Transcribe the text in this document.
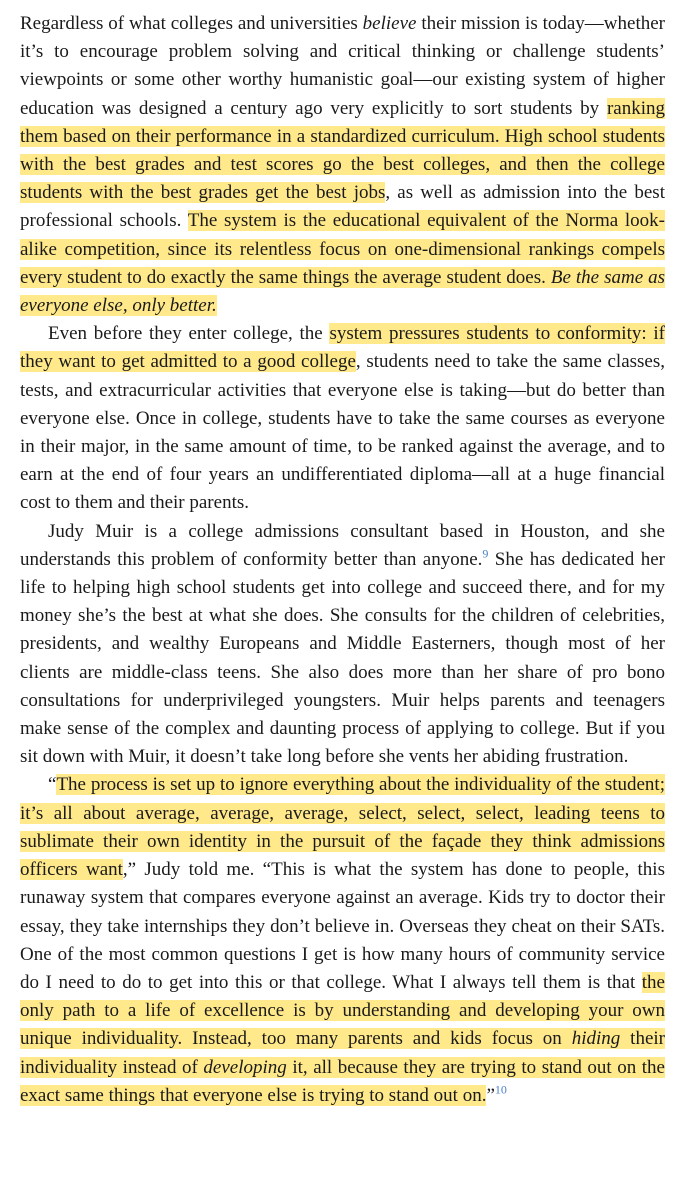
Regardless of what colleges and universities believe their mission is today—whether it’s to encourage problem solving and critical thinking or challenge students’ viewpoints or some other worthy humanistic goal—our existing system of higher education was designed a century ago very explicitly to sort students by ranking them based on their performance in a standardized curriculum. High school students with the best grades and test scores go the best colleges, and then the college students with the best grades get the best jobs, as well as admission into the best professional schools. The system is the educational equivalent of the Norma look-alike competition, since its relentless focus on one-dimensional rankings compels every student to do exactly the same things the average student does. Be the same as everyone else, only better.

Even before they enter college, the system pressures students to conformity: if they want to get admitted to a good college, students need to take the same classes, tests, and extracurricular activities that everyone else is taking—but do better than everyone else. Once in college, students have to take the same courses as everyone in their major, in the same amount of time, to be ranked against the average, and to earn at the end of four years an undifferentiated diploma—all at a huge financial cost to them and their parents.

Judy Muir is a college admissions consultant based in Houston, and she understands this problem of conformity better than anyone.$^9$ She has dedicated her life to helping high school students get into college and succeed there, and for my money she’s the best at what she does. She consults for the children of celebrities, presidents, and wealthy Europeans and Middle Easterners, though most of her clients are middle-class teens. She also does more than her share of pro bono consultations for underprivileged youngsters. Muir helps parents and teenagers make sense of the complex and daunting process of applying to college. But if you sit down with Muir, it doesn’t take long before she vents her abiding frustration.

“The process is set up to ignore everything about the individuality of the student; it’s all about average, average, average, select, select, select, leading teens to sublimate their own identity in the pursuit of the façade they think admissions officers want,” Judy told me. “This is what the system has done to people, this runaway system that compares everyone against an average. Kids try to doctor their essay, they take internships they don’t believe in. Overseas they cheat on their SATs. One of the most common questions I get is how many hours of community service do I need to do to get into this or that college. What I always tell them is that the only path to a life of excellence is by understanding and developing your own unique individuality. Instead, too many parents and kids focus on hiding their individuality instead of developing it, all because they are trying to stand out on the exact same things that everyone else is trying to stand out on.”$^{10}$
